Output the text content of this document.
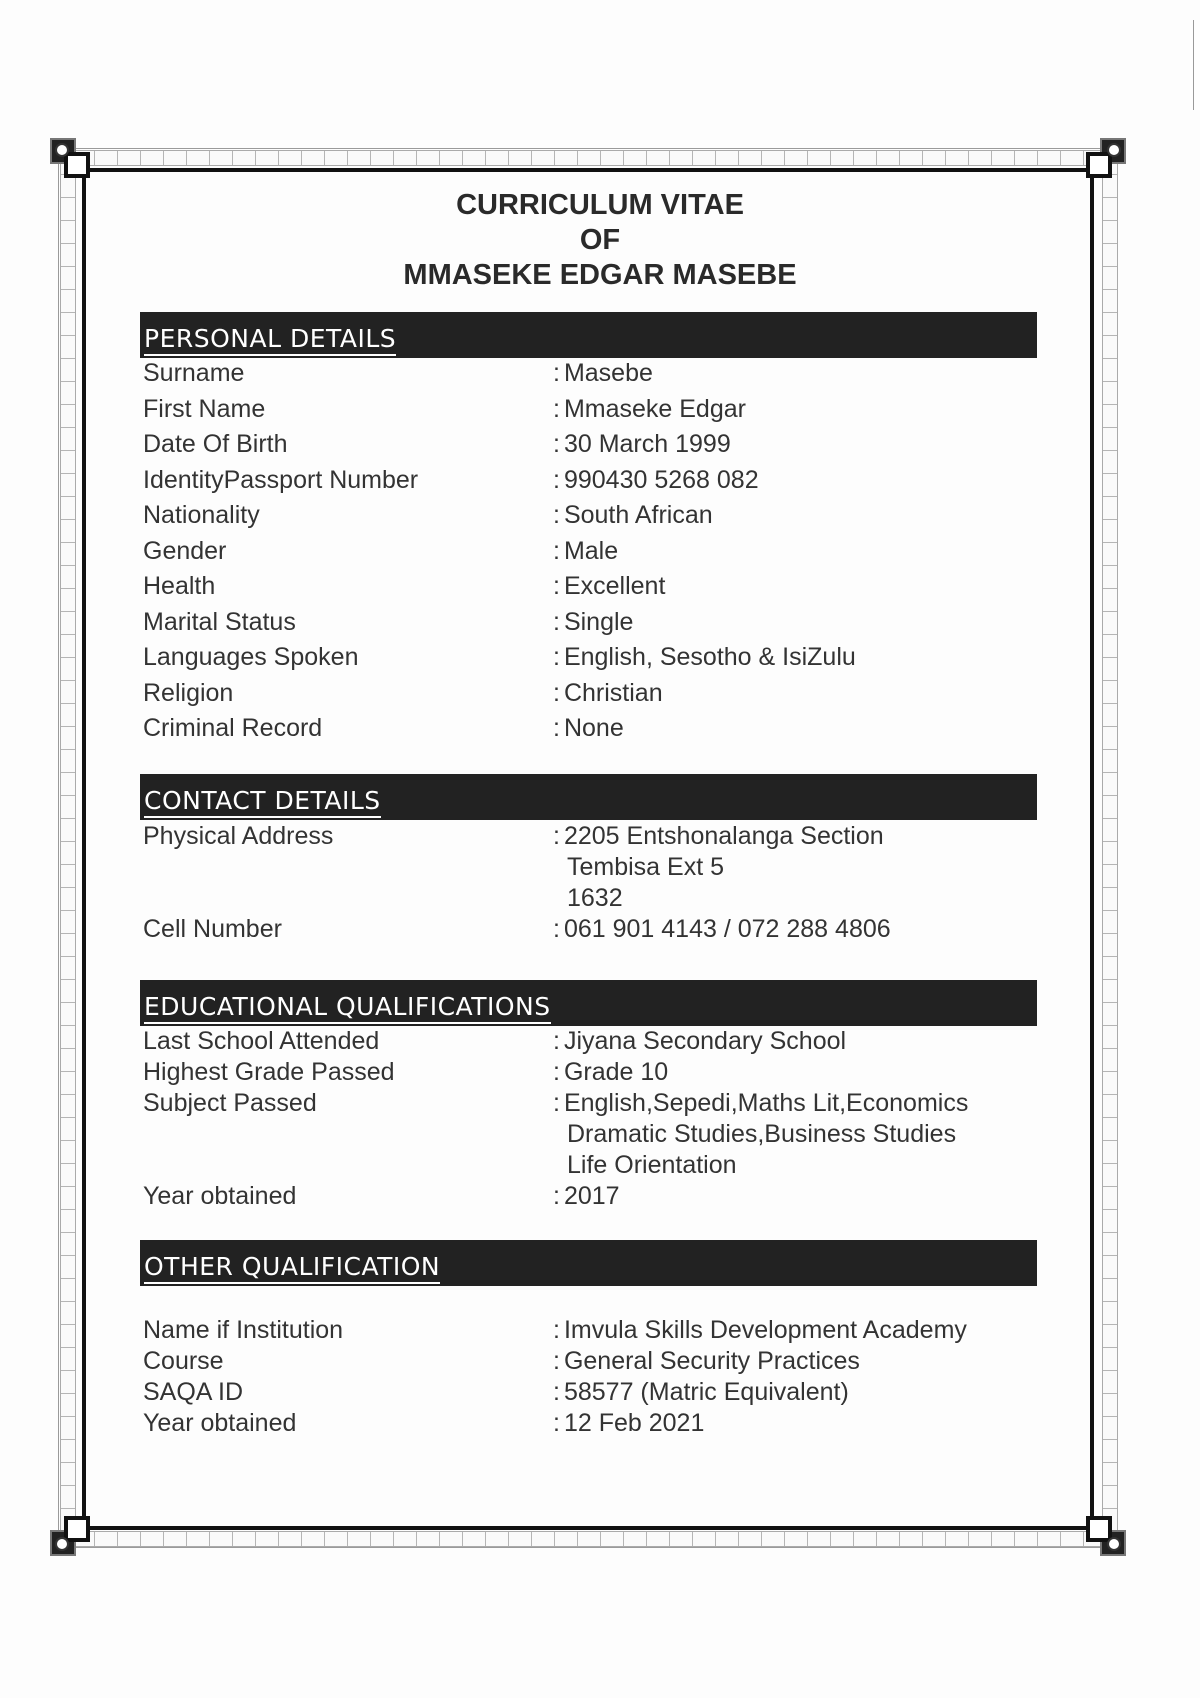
CURRICULUM VITAE
OF
MMASEKE EDGAR MASEBE
PERSONAL DETAILS
Surname	: Masebe
First Name	: Mmaseke Edgar
Date Of Birth	: 30 March 1999
IdentityPassport Number	: 990430 5268 082
Nationality	: South African
Gender	: Male
Health	: Excellent
Marital Status	: Single
Languages Spoken	: English, Sesotho & IsiZulu
Religion	: Christian
Criminal Record	: None
CONTACT DETAILS
Physical Address	: 2205 Entshonalanga Section
Tembisa Ext 5
1632
Cell Number	: 061 901 4143 / 072 288 4806
EDUCATIONAL QUALIFICATIONS
Last School Attended	: Jiyana Secondary School
Highest Grade Passed	: Grade 10
Subject Passed	: English,Sepedi,Maths Lit,Economics
Dramatic Studies,Business Studies
Life Orientation
Year obtained	: 2017
OTHER QUALIFICATION
Name if Institution	: Imvula Skills Development Academy
Course	: General Security Practices
SAQA ID	: 58577 (Matric Equivalent)
Year obtained	: 12 Feb 2021
